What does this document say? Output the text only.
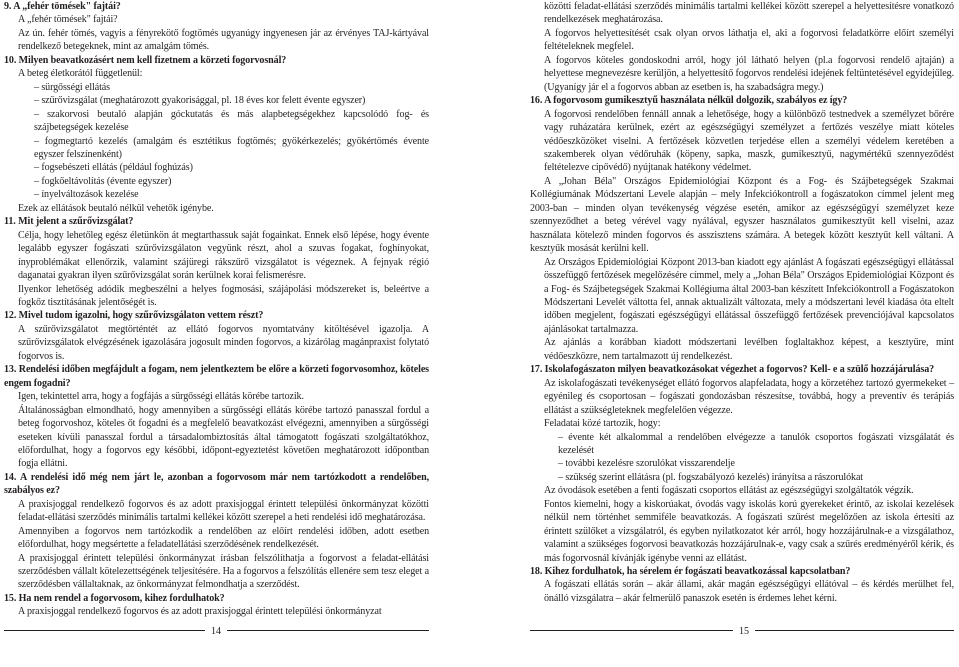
9. A „fehér tömések" fajtái?

A „fehér tömések" fajtái?

Az ún. fehér tömés, vagyis a fényrekötő fogtömés ugyanúgy ingyenesen jár az érvényes TAJ-kártyával rendelkező betegeknek, mint az amalgám tömés.

10. Milyen beavatkozásért nem kell fizetnem a körzeti fogorvosnál?

A beteg életkorától függetlenül:

– sürgősségi ellátás

– szűrővizsgálat (meghatározott gyakorisággal, pl. 18 éves kor felett évente egyszer)

– szakorvosi beutaló alapján góckutatás és más alapbetegségekhez kapcsolódó fog- és szájbetegségek kezelése

– fogmegtartó kezelés (amalgám és esztétikus fogtömés; gyökérkezelés; gyökértömés évente egyszer felszínenként)

– fogsebészeti ellátás (például foghúzás)

– fogkőeltávolítás (évente egyszer)

– ínyelváltozások kezelése

Ezek az ellátások beutaló nélkül vehetők igénybe.

11. Mit jelent a szűrővizsgálat?

Célja, hogy lehetőleg egész életünkön át megtarthassuk saját fogainkat. Ennek első lépése, hogy évente legalább egyszer fogászati szűrővizsgálaton vegyünk részt, ahol a szuvas fogakat, foghínyokat, ínyproblémákat ellenőrzik, valamint szájüregi rákszűrő vizsgálatot is végeznek. A fejnyak régió daganatai gyakran ilyen szűrővizsgálat során kerülnek korai felismerésre.

Ilyenkor lehetőség adódik megbeszélni a helyes fogmosási, szájápolási módszereket is, beleértve a fogkőz tisztításának jelentőségét is.

12. Mivel tudom igazolni, hogy szűrővizsgálaton vettem részt?

A szűrővizsgálatot megtörténtét az ellátó fogorvos nyomtatvány kitöltésével igazolja. A szűrővizsgálatok elvégzésének igazolására jogosult minden fogorvos, a kizárólag magánpraxist folytató fogorvos is.

13. Rendelési időben megfájdult a fogam, nem jelentkeztem be előre a körzeti fogorvosomhoz, köteles engem fogadni?

Igen, tekintettel arra, hogy a fogfájás a sürgősségi ellátás körébe tartozik.

Általánosságban elmondható, hogy amennyiben a sürgősségi ellátás körébe tartozó panasszal fordul a beteg fogorvoshoz, köteles őt fogadni és a megfelelő beavatkozást elvégezni, amennyiben a sürgősségi eseteken kívüli panasszal fordul a társadalombiztosítás által támogatott fogászati szolgáltatókhoz, előfordulhat, hogy a fogorvos egy későbbi, időpont-egyeztetést követően meghatározott időpontban fogja ellátni.

14. A rendelési idő még nem járt le, azonban a fogorvosom már nem tartózkodott a rendelőben, szabályos ez?

A praxisjoggal rendelkező fogorvos és az adott praxisjoggal érintett települési önkormányzat közötti feladat-ellátási szerződés minimális tartalmi kellékei között szerepel a heti rendelési idő meghatározása.

Amennyiben a fogorvos nem tartózkodik a rendelőben az előírt rendelési időben, adott esetben előfordulhat, hogy megsértette a feladatellátási szerződésének rendelkezését.

A praxisjoggal érintett települési önkormányzat írásban felszólíthatja a fogorvost a feladat-ellátási szerződésben vállalt kötelezettségének teljesítésére. Ha a fogorvos a felszólítás ellenére sem tesz eleget a szerződésben vállaltaknak, az önkormányzat felmondhatja a szerződést.

15. Ha nem rendel a fogorvosom, kihez fordulhatok?

A praxisjoggal rendelkező fogorvos és az adott praxisjoggal érintett települési önkormányzat

közötti feladat-ellátási szerződés minimális tartalmi kellékei között szerepel a helyettesítésre vonatkozó rendelkezések meghatározása.

A fogorvos helyettesítését csak olyan orvos láthatja el, aki a fogorvosi feladatkörre előírt személyi feltételeknek megfelel.

A fogorvos köteles gondoskodni arról, hogy jól látható helyen (pl.a fogorvosi rendelő ajtaján) a helyettese megnevezésre kerüljön, a helyettesítő fogorvos rendelési idejének feltüntetésével egyidejűleg. (Ugyanígy jár el a fogorvos abban az esetben is, ha szabadságra megy.)

16. A fogorvosom gumikesztyű használata nélkül dolgozik, szabályos ez így?

A fogorvosi rendelőben fennáll annak a lehetősége, hogy a különböző testnedvek a személyzet bőrére vagy ruházatára kerülnek, ezért az egészségügyi személyzet a fertőzés veszélye miatt köteles védőeszközöket viselni. A fertőzések közvetlen terjedése ellen a személyi védelem keretében a szakemberek olyan védőruhák (köpeny, sapka, maszk, gumikesztyű, nagymértékű szennyeződést feltételezve cipővédő) nyújtanak hatékony védelmet.

A „Johan Béla" Országos Epidemiológiai Központ és a Fog- és Szájbetegségek Szakmai Kollégiumának Módszertani Levele alapján – mely Infekciókontroll a fogászatokon címmel jelent meg 2003-ban – minden olyan tevékenység végzése esetén, amikor az egészségügyi személyzet keze szennyeződhet a beteg vérével vagy nyálával, egyszer használatos gumikesztyűt kell viselni, azaz használata kötelező minden fogorvos és asszisztens számára. A betegek között kesztyűt kell váltani. A kesztyűk mosását kerülni kell.

Az Országos Epidemiológiai Központ 2013-ban kiadott egy ajánlást A fogászati egészségügyi ellátással összefüggő fertőzések megelőzésére címmel, mely a „Johan Béla" Országos Epidemiológiai Központ és a Fog- és Szájbetegségek Szakmai Kollégiuma által 2003-ban készített Infekciókontroll a Fogászatokon Módszertani Levelét váltotta fel, annak aktualizált változata, mely a módszertani levél kiadása óta eltelt időben megjelent, fogászati egészségügyi ellátással összefüggő fertőzések prevenciójával kapcsolatos ajánlásokat tartalmazza.

Az ajánlás a korábban kiadott módszertani levélben foglaltakhoz képest, a kesztyűre, mint védőeszközre, nem tartalmazott új rendelkezést.

17. Iskolafogászaton milyen beavatkozásokat végezhet a fogorvos? Kell- e a szülő hozzájárulása?

Az iskolafogászati tevékenységet ellátó fogorvos alapfeladata, hogy a körzetéhez tartozó gyermekeket – egyénileg és csoportosan – fogászati gondozásban részesítse, továbbá, hogy a preventív és terápiás ellátást a szükségleteknek megfelelően végezze.

Feladatai közé tartozik, hogy:

– évente két alkalommal a rendelőben elvégezze a tanulók csoportos fogászati vizsgálatát és kezelését

– további kezelésre szorulókat visszarendelje

– szükség szerint ellátásra (pl. fogszabályozó kezelés) irányítsa a rászorulókat

Az óvodások esetében a fenti fogászati csoportos ellátást az egészségügyi szolgáltatók végzik.

Fontos kiemelni, hogy a kiskorúakat, óvodás vagy iskolás korú gyerekeket érintő, az iskolai kezelések nélkül nem történhet semmiféle beavatkozás. A fogászati szűrést megelőzően az iskola értesíti az érintett szülőket a vizsgálatról, és egyben nyilatkozatot kér arról, hogy hozzájárulnak-e a vizsgálathoz, valamint a szükséges fogorvosi beavatkozás hozzájárulnak-e, vagy csak a szűrés eredményéről kérik, és más fogorvosnál kívánják igénybe venni az ellátást.

18. Kihez fordulhatok, ha sérelem ér fogászati beavatkozással kapcsolatban?

A fogászati ellátás során – akár állami, akár magán egészségügyi ellátóval – és kérdés merülhet fel, önálló vizsgálatra – akár felmerülő panaszok esetén is érdemes lehet kérni.

14	15
